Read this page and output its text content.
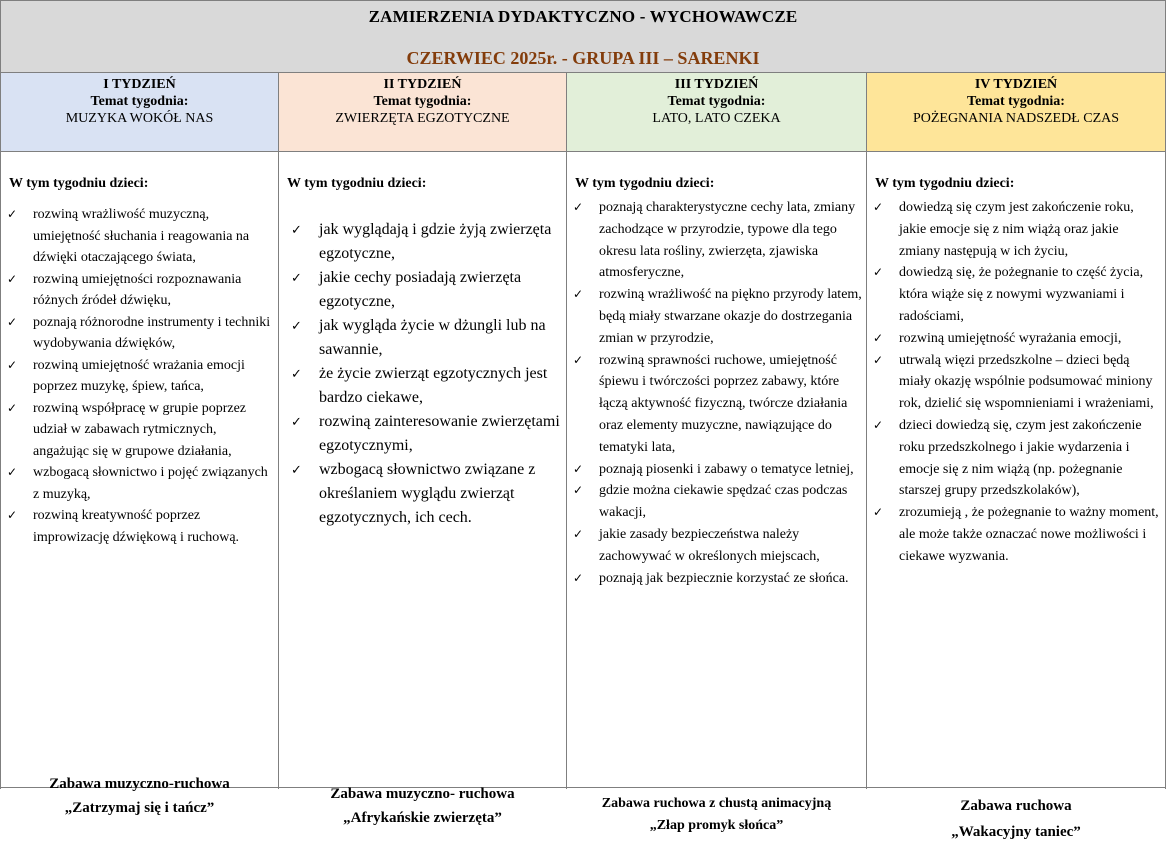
ZAMIERZENIA DYDAKTYCZNO - WYCHOWAWCZE
CZERWIEC 2025r. - GRUPA III – SARENKI
I TYDZIEŃ
Temat tygodnia:
MUZYKA WOKÓŁ NAS
W tym tygodniu dzieci:
✓ rozwiną wrażliwość muzyczną, umiejętność słuchania i reagowania na dźwięki otaczającego świata,
✓ rozwiną umiejętności rozpoznawania różnych źródeł dźwięku,
✓ poznają różnorodne instrumenty i techniki wydobywania dźwięków,
✓ rozwiną umiejętność wrażania emocji poprzez muzykę, śpiew, tańca,
✓ rozwiną współpracę w grupie poprzez udział w zabawach rytmicznych, angażując się w grupowe działania,
✓ wzbogacą słownictwo i pojęć związanych z muzyką,
✓ rozwiną kreatywność poprzez improwizację dźwiękową i ruchową.
Zabawa muzyczno-ruchowa
„Zatrzymaj się i tańcz”
II TYDZIEŃ
Temat tygodnia:
ZWIERZĘTA EGZOTYCZNE
W tym tygodniu dzieci:
✓ jak wyglądają i gdzie żyją zwierzęta egzotyczne,
✓ jakie cechy posiadają zwierzęta egzotyczne,
✓ jak wygląda życie w dżungli lub na sawannie,
✓ że życie zwierząt egzotycznych jest bardzo ciekawe,
✓ rozwiną zainteresowanie zwierzętami egzotycznymi,
✓ wzbogacą słownictwo związane z określaniem wyglądu zwierząt egzotycznych, ich cech.
Zabawa muzyczno- ruchowa
„Afrykańskie zwierzęta”
III TYDZIEŃ
Temat tygodnia:
LATO, LATO CZEKA
W tym tygodniu dzieci:
✓ poznają charakterystyczne cechy lata, zmiany zachodzące w przyrodzie, typowe dla tego okresu lata rośliny, zwierzęta, zjawiska atmosferyczne,
✓ rozwiną wrażliwość na piękno przyrody latem, będą miały stwarzane okazje do dostrzegania zmian w przyrodzie,
✓ rozwiną sprawności ruchowe, umiejętność śpiewu i twórczości poprzez zabawy, które łączą aktywność fizyczną, twórcze działania oraz elementy muzyczne, nawiązujące do tematyki lata,
✓ poznają piosenki i zabawy o tematyce letniej,
✓ gdzie można ciekawie spędzać czas podczas wakacji,
✓ jakie zasady bezpieczeństwa należy zachowywać w określonych miejscach,
✓ poznają jak bezpiecznie korzystać ze słońca.
Zabawa ruchowa z chustą animacyjną
„Złap promyk słońca”
IV TYDZIEŃ
Temat tygodnia:
POŻEGNANIA NADSZEDŁ CZAS
W tym tygodniu dzieci:
✓ dowiedzą się czym jest zakończenie roku, jakie emocje się z nim wiążą oraz jakie zmiany następują w ich życiu,
✓ dowiedzą się, że pożegnanie to część życia, która wiąże się z nowymi wyzwaniami i radościami,
✓ rozwiną umiejętność wyrażania emocji,
✓ utrwalą więzi przedszkolne – dzieci będą miały okazję wspólnie podsumować miniony rok, dzielić się wspomnieniami i wrażeniami,
✓ dzieci dowiedzą się, czym jest zakończenie roku przedszkolnego i jakie wydarzenia i emocje się z nim wiążą (np. pożegnanie starszej grupy przedszkolaków),
✓ zrozumieją , że pożegnanie to ważny moment, ale może także oznaczać nowe możliwości i ciekawe wyzwania.
Zabawa ruchowa
„Wakacyjny taniec”
